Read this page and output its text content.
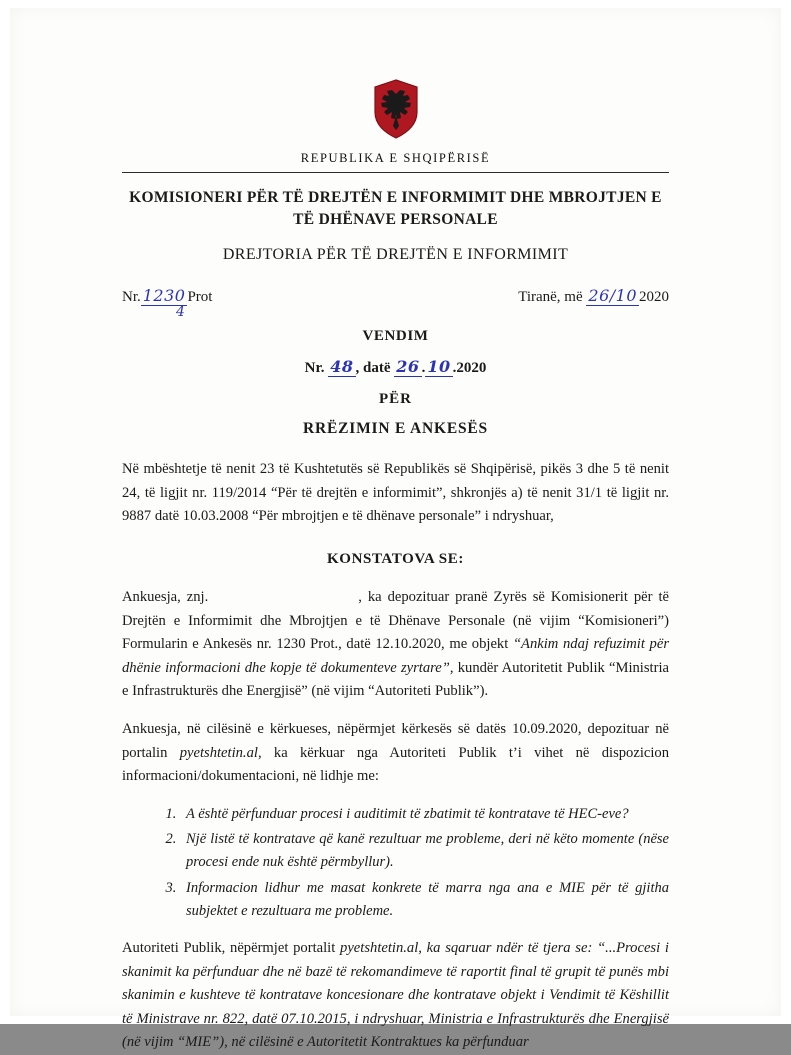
REPUBLIKA E SHQIPËRISË
KOMISIONERI PËR TË DREJTËN E INFORMIMIT DHE MBROJTJEN E TË DHËNAVE PERSONALE
DREJTORIA PËR TË DREJTËN E INFORMIMIT
Nr. 1230 Prot
4
Tiranë, më 26/10 2020
VENDIM
Nr. 48 , datë 26 . 10 .2020
PËR
RRËZIMIN E ANKESËS

Në mbështetje të nenit 23 të Kushtetutës së Republikës së Shqipërisë, pikës 3 dhe 5 të nenit 24, të ligjit nr. 119/2014 “Për të drejtën e informimit”, shkronjës a) të nenit 31/1 të ligjit nr. 9887 datë 10.03.2008 “Për mbrojtjen e të dhënave personale” i ndryshuar,

KONSTATOVA SE:

Ankuesja, znj.	, ka depozituar pranë Zyrës së Komisionerit për të Drejtën e Informimit dhe Mbrojtjen e të Dhënave Personale (në vijim “Komisioneri”) Formularin e Ankesës nr. 1230 Prot., datë 12.10.2020, me objekt “Ankim ndaj refuzimit për dhënie informacioni dhe kopje të dokumenteve zyrtare”, kundër Autoritetit Publik “Ministria e Infrastrukturës dhe Energjisë” (në vijim “Autoriteti Publik”).

Ankuesja, në cilësinë e kërkueses, nëpërmjet kërkesës së datës 10.09.2020, depozituar në portalin pyetshtetin.al, ka kërkuar nga Autoriteti Publik t’i vihet në dispozicion informacioni/dokumentacioni, në lidhje me:

1. A është përfunduar procesi i auditimit të zbatimit të kontratave të HEC-eve?
2. Një listë të kontratave që kanë rezultuar me probleme, deri në këto momente (nëse procesi ende nuk është përmbyllur).
3. Informacion lidhur me masat konkrete të marra nga ana e MIE për të gjitha subjektet e rezultuara me probleme.

Autoriteti Publik, nëpërmjet portalit pyetshtetin.al, ka sqaruar ndër të tjera se: “...Procesi i skanimit ka përfunduar dhe në bazë të rekomandimeve të raportit final të grupit të punës mbi skanimin e kushteve të kontratave koncesionare dhe kontratave objekt i Vendimit të Këshillit të Ministrave nr. 822, datë 07.10.2015, i ndryshuar, Ministria e Infrastrukturës dhe Energjisë (në vijim “MIE”), në cilësinë e Autoritetit Kontraktues ka përfunduar
